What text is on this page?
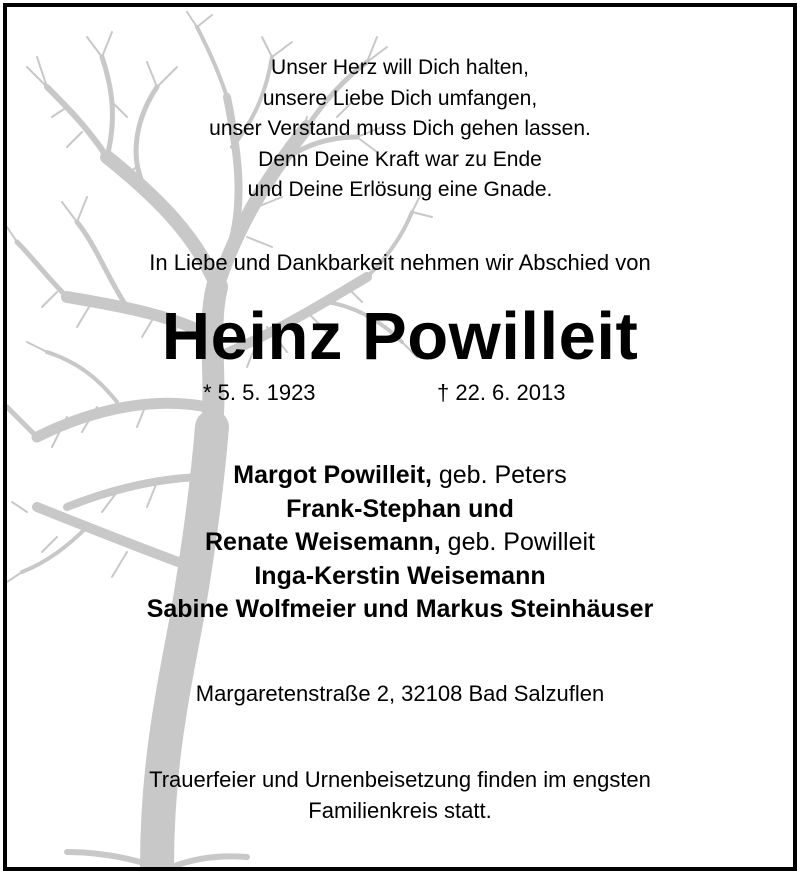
Unser Herz will Dich halten,
unsere Liebe Dich umfangen,
unser Verstand muss Dich gehen lassen.
Denn Deine Kraft war zu Ende
und Deine Erlösung eine Gnade.
In Liebe und Dankbarkeit nehmen wir Abschied von
Heinz Powilleit
* 5. 5. 1923	† 22. 6. 2013
Margot Powilleit, geb. Peters
Frank-Stephan und
Renate Weisemann, geb. Powilleit
Inga-Kerstin Weisemann
Sabine Wolfmeier und Markus Steinhäuser
Margaretenstraße 2, 32108 Bad Salzuflen
Trauerfeier und Urnenbeisetzung finden im engsten
Familienkreis statt.
